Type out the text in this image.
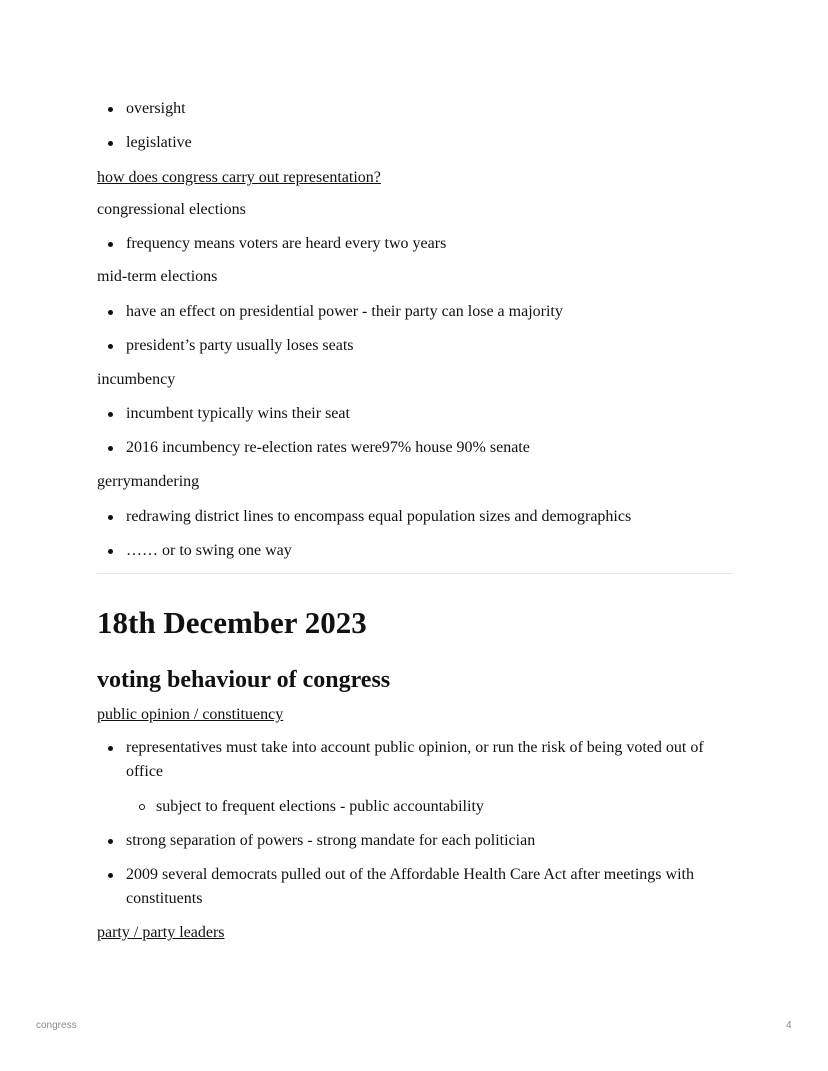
oversight
legislative
how does congress carry out representation?
congressional elections
frequency means voters are heard every two years
mid-term elections
have an effect on presidential power - their party can lose a majority
president’s party usually loses seats
incumbency
incumbent typically wins their seat
2016 incumbency re-election rates were97% house 90% senate
gerrymandering
redrawing district lines to encompass equal population sizes and demographics
…… or to swing one way
18th December 2023
voting behaviour of congress
public opinion / constituency
representatives must take into account public opinion, or run the risk of being voted out of office
subject to frequent elections - public accountability
strong separation of powers - strong mandate for each politician
2009 several democrats pulled out of the Affordable Health Care Act after meetings with constituents
party / party leaders
congress	4
